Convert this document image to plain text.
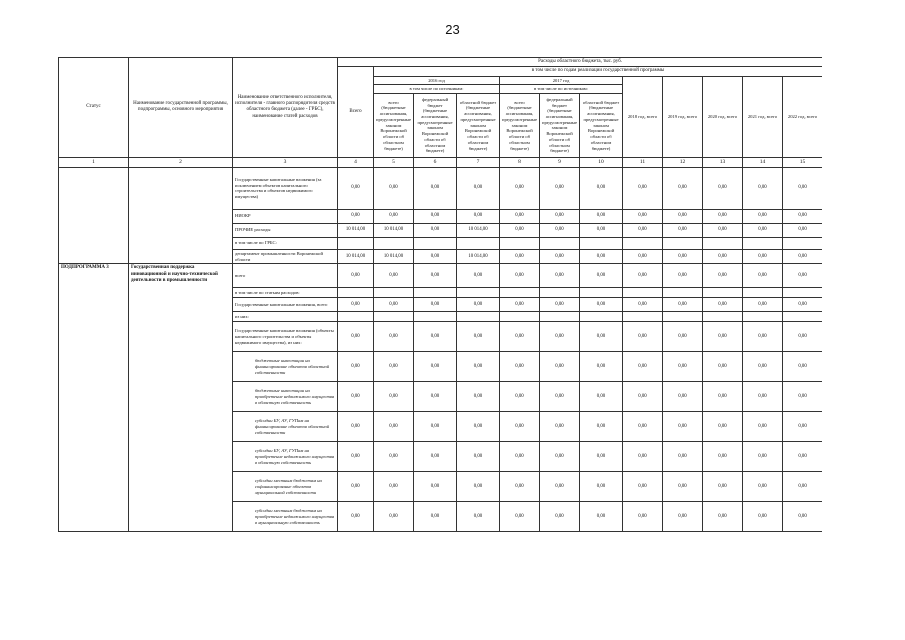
23
Статус	Наименование государственной программы, подпрограммы, основного мероприятия	Наименование ответственного исполнителя, исполнителя - главного распорядителя средств областного бюджета (далее - ГРБС), наименование статей расходов	Расходы областного бюджета, тыс. руб.											
			Всего	в том числе по годам реализации государственной программы										
				2016 год			2017 год			2018 год, всего	2019 год, всего	2020 год, всего	2021 год, всего	2022 год, всего
				в том числе по источникам:			в том числе по источникам:							
				всего (бюджетные ассигнования, предусмотренные законом Воронежской области об областном бюджете)	федеральный бюджет (бюджетные ассигнования, предусмотренные законом Воронежской области об областном бюджете)	областной бюджет (бюджетные ассигнования, предусмотренные законом Воронежской области об областном бюджете)	всего (бюджетные ассигнования, предусмотренные законом Воронежской области об областном бюджете)	федеральный бюджет (бюджетные ассигнования, предусмотренные законом Воронежской области об областном бюджете)	областной бюджет (бюджетные ассигнования, предусмотренные законом Воронежской области об областном бюджете)					
1	2	3	4	5	6	7	8	9	10	11	12	13	14	15
		Государственные капитальные вложения (за исключением объектов капитального строительства и объектов недвижимого имущества)	0,00	0,00	0,00	0,00	0,00	0,00	0,00	0,00	0,00	0,00	0,00	0,00
		НИОКР	0,00	0,00	0,00	0,00	0,00	0,00	0,00	0,00	0,00	0,00	0,00	0,00
		ПРОЧИЕ расходы	10 014,00	10 014,00	0,00	10 014,00	0,00	0,00	0,00	0,00	0,00	0,00	0,00	0,00
		в том числе по ГРБС:												
		департамент промышленности Воронежской области	10 014,00	10 014,00	0,00	10 014,00	0,00	0,00	0,00	0,00	0,00	0,00	0,00	0,00
ПОДПРОГРАММА 3	Государственная поддержка инновационной и научно-технической деятельности в промышленности	всего	0,00	0,00	0,00	0,00	0,00	0,00	0,00	0,00	0,00	0,00	0,00	0,00
		в том числе по статьям расходов:												
		Государственные капитальные вложения, всего	0,00	0,00	0,00	0,00	0,00	0,00	0,00	0,00	0,00	0,00	0,00	0,00
		из них:												
		Государственные капитальные вложения (объекты капитального строительства и объекты недвижимого имущества), из них:	0,00	0,00	0,00	0,00	0,00	0,00	0,00	0,00	0,00	0,00	0,00	0,00
		бюджетные инвестиции на финансирование объектов областной собственности	0,00	0,00	0,00	0,00	0,00	0,00	0,00	0,00	0,00	0,00	0,00	0,00
		бюджетные инвестиции на приобретение недвижимого имущества в областную собственность	0,00	0,00	0,00	0,00	0,00	0,00	0,00	0,00	0,00	0,00	0,00	0,00
		субсидии БУ, АУ, ГУПам на финансирование объектов областной собственности	0,00	0,00	0,00	0,00	0,00	0,00	0,00	0,00	0,00	0,00	0,00	0,00
		субсидии БУ, АУ, ГУПам на приобретение недвижимого имущества в областную собственность	0,00	0,00	0,00	0,00	0,00	0,00	0,00	0,00	0,00	0,00	0,00	0,00
		субсидии местным бюджетам на софинансирование объектов муниципальной собственности	0,00	0,00	0,00	0,00	0,00	0,00	0,00	0,00	0,00	0,00	0,00	0,00
		субсидии местным бюджетам на приобретение недвижимого имущества в муниципальную собственность	0,00	0,00	0,00	0,00	0,00	0,00	0,00	0,00	0,00	0,00	0,00	0,00
